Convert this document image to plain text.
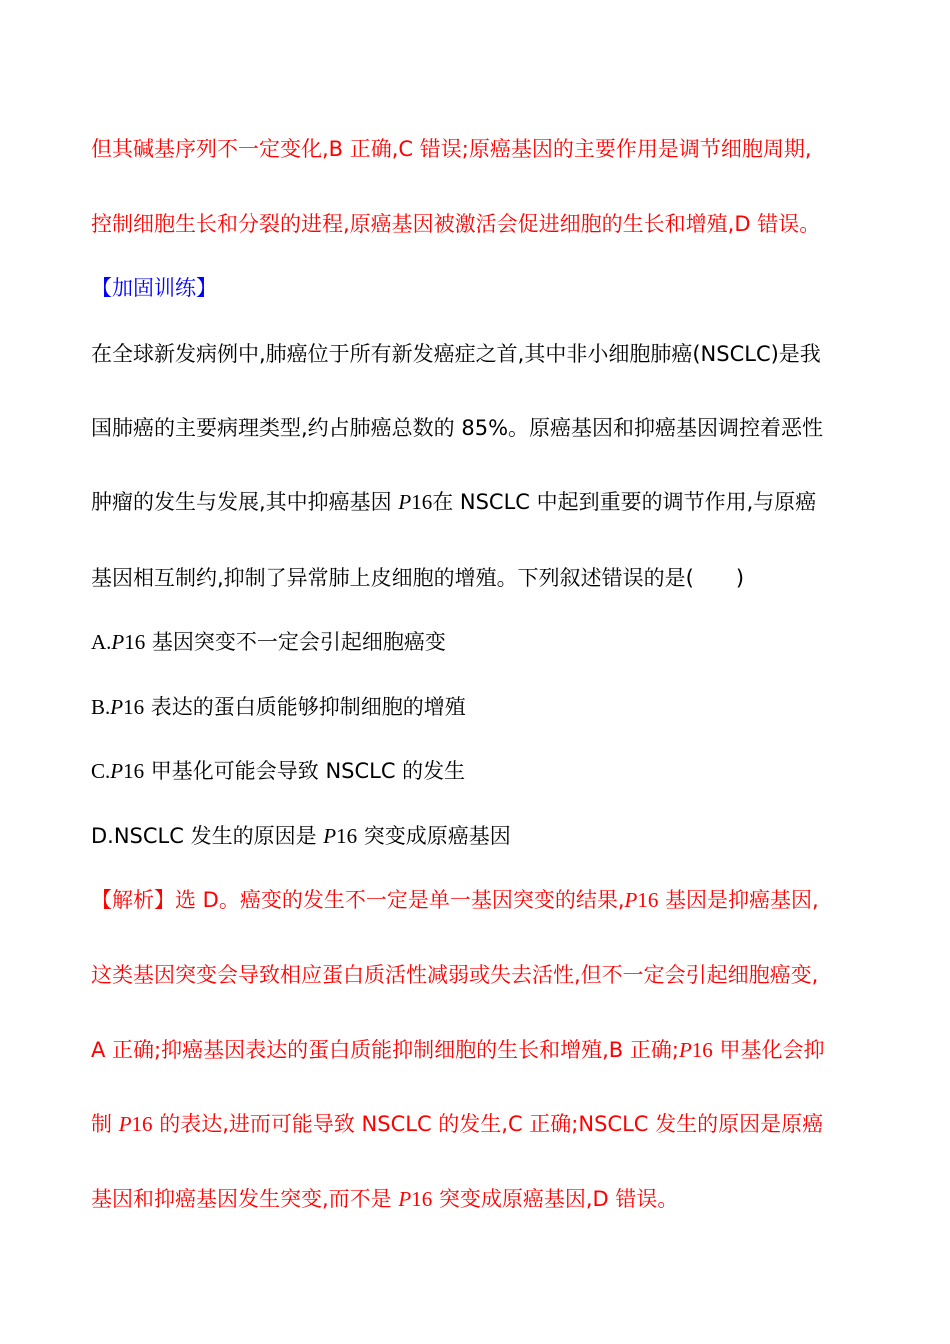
但其碱基序列不一定变化,B 正确,C 错误;原癌基因的主要作用是调节细胞周期,
控制细胞生长和分裂的进程,原癌基因被激活会促进细胞的生长和增殖,D 错误。
【加固训练】
在全球新发病例中,肺癌位于所有新发癌症之首,其中非小细胞肺癌(NSCLC)是我
国肺癌的主要病理类型,约占肺癌总数的 85%。原癌基因和抑癌基因调控着恶性
肿瘤的发生与发展,其中抑癌基因 P16在 NSCLC 中起到重要的调节作用,与原癌
基因相互制约,抑制了异常肺上皮细胞的增殖。下列叙述错误的是(　　)
A.P16 基因突变不一定会引起细胞癌变
B.P16 表达的蛋白质能够抑制细胞的增殖
C.P16 甲基化可能会导致 NSCLC 的发生
D.NSCLC 发生的原因是 P16 突变成原癌基因
【解析】选 D。癌变的发生不一定是单一基因突变的结果,P16 基因是抑癌基因,
这类基因突变会导致相应蛋白质活性减弱或失去活性,但不一定会引起细胞癌变,
A 正确;抑癌基因表达的蛋白质能抑制细胞的生长和增殖,B 正确;P16 甲基化会抑
制 P16 的表达,进而可能导致 NSCLC 的发生,C 正确;NSCLC 发生的原因是原癌
基因和抑癌基因发生突变,而不是 P16 突变成原癌基因,D 错误。
